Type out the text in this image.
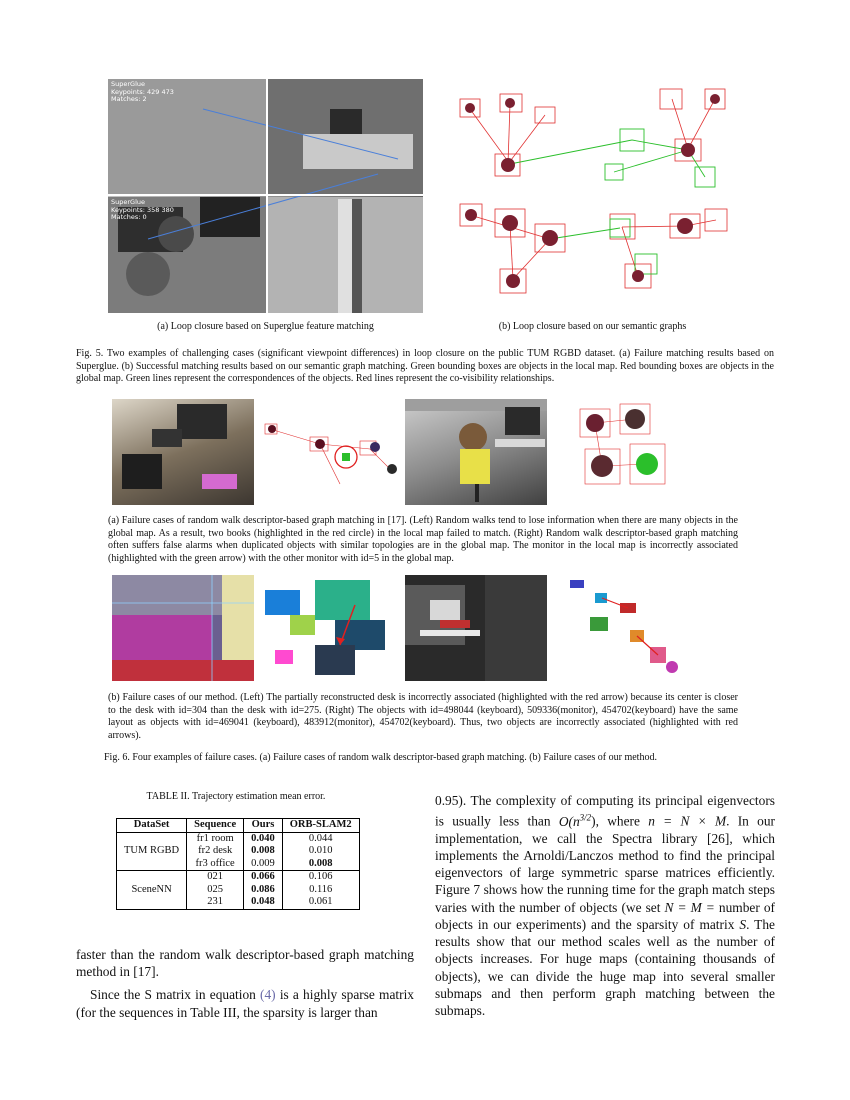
SuperGlue
Keypoints: 429 473
Matches: 2
SuperGlue
Keypoints: 358 380
Matches: 0
(a) Loop closure based on Superglue feature matching	(b) Loop closure based on our semantic graphs
Fig. 5. Two examples of challenging cases (significant viewpoint differences) in loop closure on the public TUM RGBD dataset. (a) Failure matching results based on Superglue. (b) Successful matching results based on our semantic graph matching. Green bounding boxes are objects in the local map. Red bounding boxes are objects in the global map. Green lines represent the correspondences of the objects. Red lines represent the co-visibility relationships.
(a) Failure cases of random walk descriptor-based graph matching in [17]. (Left) Random walks tend to lose information when there are many objects in the global map. As a result, two books (highlighted in the red circle) in the local map failed to match. (Right) Random walk descriptor-based graph matching often suffers false alarms when duplicated objects with similar topologies are in the global map. The monitor in the local map is incorrectly associated (highlighted with the green arrow) with the other monitor with id=5 in the global map.
(b) Failure cases of our method. (Left) The partially reconstructed desk is incorrectly associated (highlighted with the red arrow) because its center is closer to the desk with id=304 than the desk with id=275. (Right) The objects with id=498044 (keyboard), 509336(monitor), 454702(keyboard) have the same layout as objects with id=469041 (keyboard), 483912(monitor), 454702(keyboard). Thus, two objects are incorrectly associated (highlighted with red arrows).
Fig. 6. Four examples of failure cases. (a) Failure cases of random walk descriptor-based graph matching. (b) Failure cases of our method.
TABLE II. Trajectory estimation mean error.
DataSet	Sequence	Ours	ORB-SLAM2
TUM RGBD	fr1 room	0.040	0.044
	fr2 desk	0.008	0.010
	fr3 office	0.009	0.008
SceneNN	021	0.066	0.106
	025	0.086	0.116
	231	0.048	0.061
faster than the random walk descriptor-based graph matching method in [17].
Since the S matrix in equation (4) is a highly sparse matrix (for the sequences in Table III, the sparsity is larger than
0.95). The complexity of computing its principal eigenvectors is usually less than $O(n^{3/2})$, where n = N × M. In our implementation, we call the Spectra library [26], which implements the Arnoldi/Lanczos method to find the principal eigenvectors of large symmetric sparse matrices efficiently. Figure 7 shows how the running time for the graph match steps varies with the number of objects (we set N = M = number of objects in our experiments) and the sparsity of matrix S. The results show that our method scales well as the number of objects increases. For huge maps (containing thousands of objects), we can divide the huge map into several smaller submaps and then perform graph matching between the submaps.
